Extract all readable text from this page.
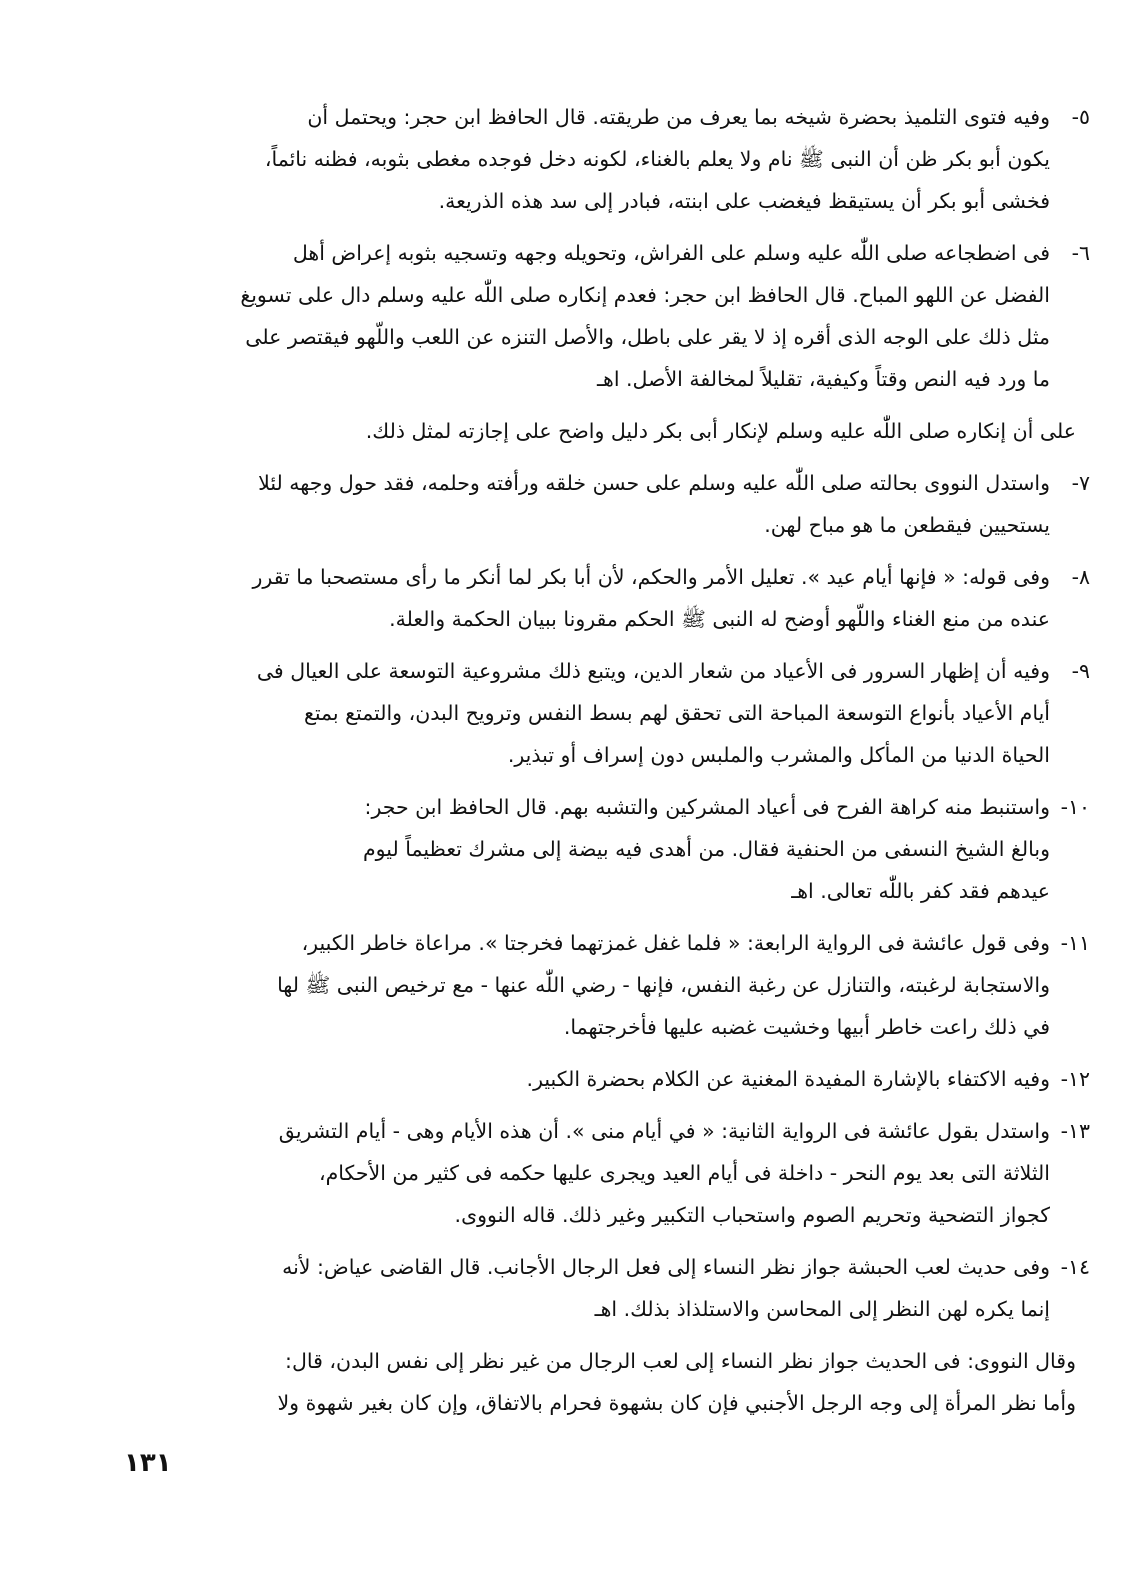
٥-
وفيه فتوى التلميذ بحضرة شيخه بما يعرف من طريقته. قال الحافظ ابن حجر: ويحتمل أن
يكون أبو بكر ظن أن النبى ﷺ نام ولا يعلم بالغناء، لكونه دخل فوجده مغطى بثوبه، فظنه نائماً،
فخشى أبو بكر أن يستيقظ فيغضب على ابنته، فبادر إلى سد هذه الذريعة.
٦-
فى اضطجاعه صلى اللّٰه عليه وسلم على الفراش، وتحويله وجهه وتسجيه بثوبه إعراض أهل
الفضل عن اللهو المباح. قال الحافظ ابن حجر: فعدم إنكاره صلى اللّٰه عليه وسلم دال على تسويغ
مثل ذلك على الوجه الذى أقره إذ لا يقر على باطل، والأصل التنزه عن اللعب واللّهو فيقتصر على
ما ورد فيه النص وقتاً وكيفية، تقليلاً لمخالفة الأصل. اهـ
على أن إنكاره صلى اللّٰه عليه وسلم لإنكار أبى بكر دليل واضح على إجازته لمثل ذلك.
٧-
واستدل النووى بحالته صلى اللّٰه عليه وسلم على حسن خلقه ورأفته وحلمه، فقد حول وجهه لئلا
يستحيين فيقطعن ما هو مباح لهن.
٨-
وفى قوله: « فإنها أيام عيد ». تعليل الأمر والحكم، لأن أبا بكر لما أنكر ما رأى مستصحبا ما تقرر
عنده من منع الغناء واللّهو أوضح له النبى ﷺ الحكم مقرونا ببيان الحكمة والعلة.
٩-
وفيه أن إظهار السرور فى الأعياد من شعار الدين، ويتبع ذلك مشروعية التوسعة على العيال فى
أيام الأعياد بأنواع التوسعة المباحة التى تحقق لهم بسط النفس وترويح البدن، والتمتع بمتع
الحياة الدنيا من المأكل والمشرب والملبس دون إسراف أو تبذير.
١٠-
واستنبط منه كراهة الفرح فى أعياد المشركين والتشبه بهم. قال الحافظ ابن حجر:
وبالغ الشيخ النسفى من الحنفية فقال. من أهدى فيه بيضة إلى مشرك تعظيماً ليوم
عيدهم فقد كفر باللّٰه تعالى. اهـ
١١-
وفى قول عائشة فى الرواية الرابعة: « فلما غفل غمزتهما فخرجتا ». مراعاة خاطر الكبير،
والاستجابة لرغبته، والتنازل عن رغبة النفس، فإنها - رضي اللّٰه عنها - مع ترخيص النبى ﷺ لها
في ذلك راعت خاطر أبيها وخشيت غضبه عليها فأخرجتهما.
١٢-
وفيه الاكتفاء بالإشارة المفيدة المغنية عن الكلام بحضرة الكبير.
١٣-
واستدل بقول عائشة فى الرواية الثانية: « في أيام منى ». أن هذه الأيام وهى - أيام التشريق
الثلاثة التى بعد يوم النحر - داخلة فى أيام العيد ويجرى عليها حكمه فى كثير من الأحكام،
كجواز التضحية وتحريم الصوم واستحباب التكبير وغير ذلك. قاله النووى.
١٤-
وفى حديث لعب الحبشة جواز نظر النساء إلى فعل الرجال الأجانب. قال القاضى عياض: لأنه
إنما يكره لهن النظر إلى المحاسن والاستلذاذ بذلك. اهـ
وقال النووى: فى الحديث جواز نظر النساء إلى لعب الرجال من غير نظر إلى نفس البدن، قال:
وأما نظر المرأة إلى وجه الرجل الأجنبي فإن كان بشهوة فحرام بالاتفاق، وإن كان بغير شهوة ولا
١٣١
